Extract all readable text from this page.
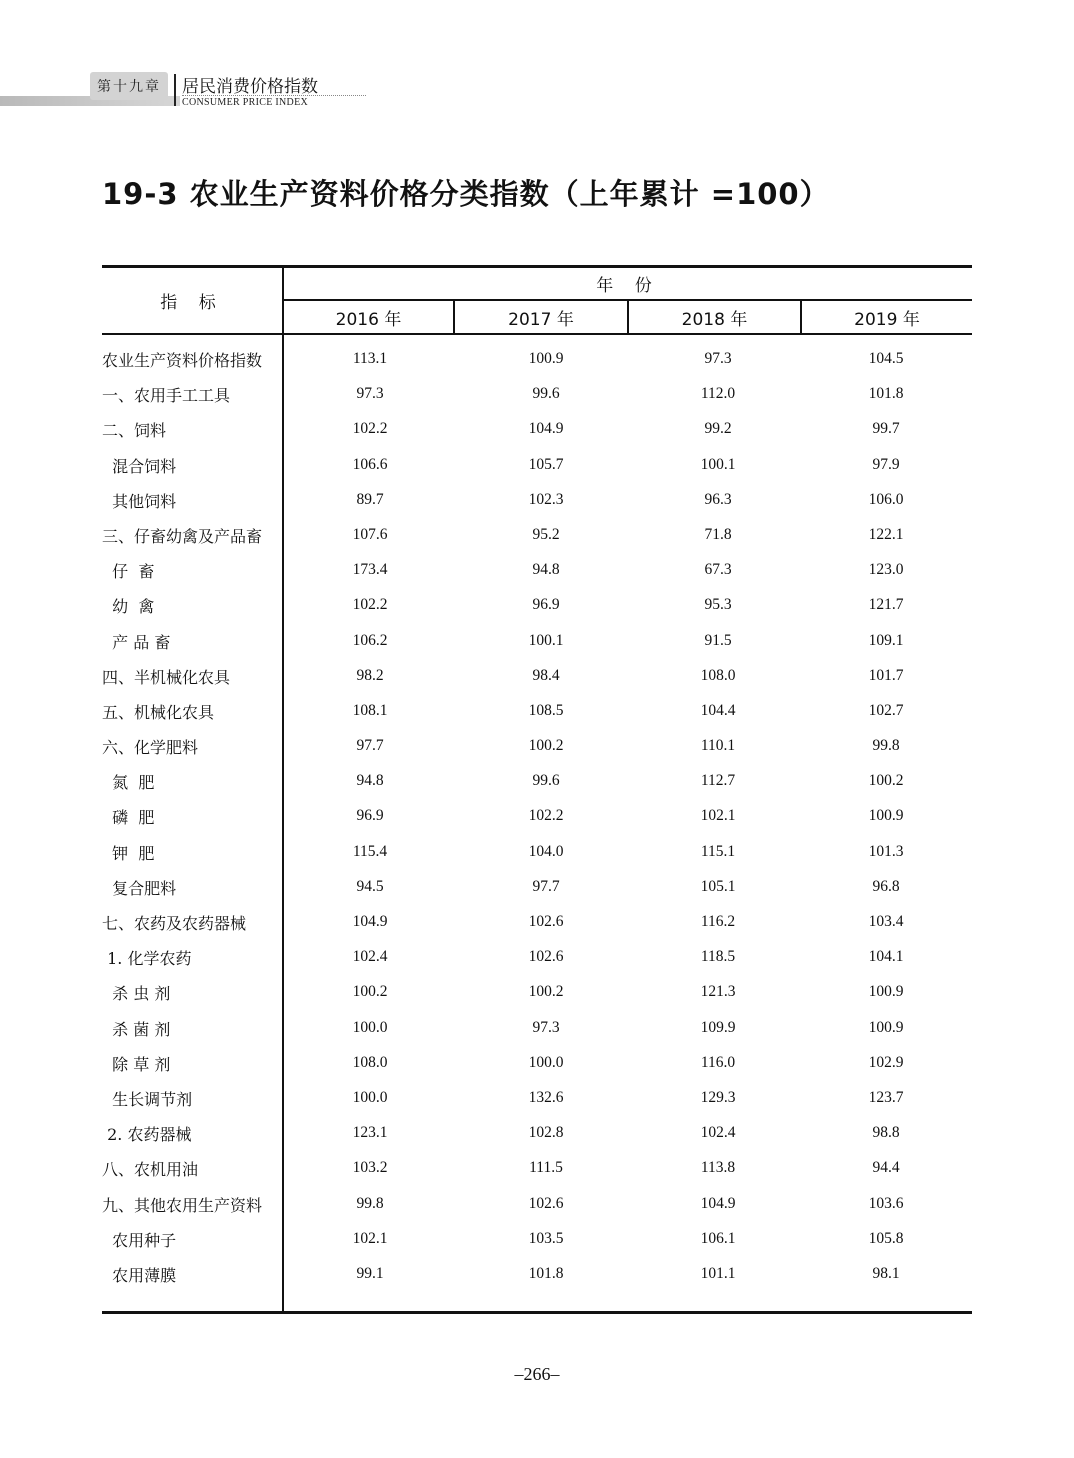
第十九章	居民消费价格指数
CONSUMER PRICE INDEX
19-3 农业生产资料价格分类指数（上年累计 =100）
指 标
年 份
2016 年	2017 年	2018 年	2019 年
农业生产资料价格指数	113.1	100.9	97.3	104.5
一、农用手工工具	97.3	99.6	112.0	101.8
二、饲料	102.2	104.9	99.2	99.7
混合饲料	106.6	105.7	100.1	97.9
其他饲料	89.7	102.3	96.3	106.0
三、仔畜幼禽及产品畜	107.6	95.2	71.8	122.1
仔  畜	173.4	94.8	67.3	123.0
幼  禽	102.2	96.9	95.3	121.7
产 品 畜	106.2	100.1	91.5	109.1
四、半机械化农具	98.2	98.4	108.0	101.7
五、机械化农具	108.1	108.5	104.4	102.7
六、化学肥料	97.7	100.2	110.1	99.8
氮  肥	94.8	99.6	112.7	100.2
磷  肥	96.9	102.2	102.1	100.9
钾  肥	115.4	104.0	115.1	101.3
复合肥料	94.5	97.7	105.1	96.8
七、农药及农药器械	104.9	102.6	116.2	103.4
1. 化学农药	102.4	102.6	118.5	104.1
杀 虫 剂	100.2	100.2	121.3	100.9
杀 菌 剂	100.0	97.3	109.9	100.9
除 草 剂	108.0	100.0	116.0	102.9
生长调节剂	100.0	132.6	129.3	123.7
2. 农药器械	123.1	102.8	102.4	98.8
八、农机用油	103.2	111.5	113.8	94.4
九、其他农用生产资料	99.8	102.6	104.9	103.6
农用种子	102.1	103.5	106.1	105.8
农用薄膜	99.1	101.8	101.1	98.1
–266–
